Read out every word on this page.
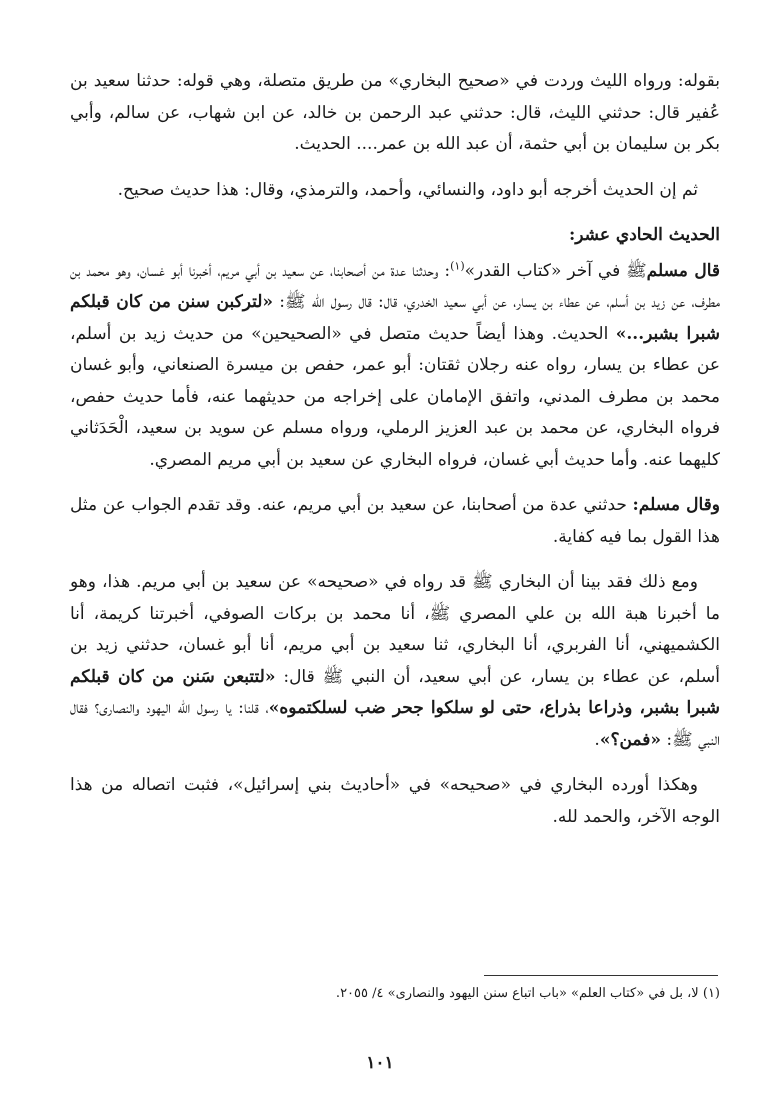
بقوله: ورواه الليث وردت في «صحيح البخاري» من طريق متصلة، وهي قوله: حدثنا سعيد بن عُفير قال: حدثني الليث، قال: حدثني عبد الرحمن بن خالد، عن ابن شهاب، عن سالم، وأبي بكر بن سليمان بن أبي حثمة، أن عبد الله بن عمر.... الحديث.

ثم إن الحديث أخرجه أبو داود، والنسائي، وأحمد، والترمذي، وقال: هذا حديث صحيح.

الحديث الحادي عشر:

قال مسلمﷺ في آخر «كتاب القدر»$^{(١)}$: وحدثنا عدة من أصحابنا، عن سعيد بن أبي مريم، أخبرنا أبو غسان، وهو محمد بن مطرف، عن زيد بن أسلم، عن عطاء بن يسار، عن أبي سعيد الخدري، قال: قال رسول الله ﷺ: «لتركبن سنن من كان قبلكم شبرا بشبر...» الحديث. وهذا أيضاً حديث متصل في «الصحيحين» من حديث زيد بن أسلم، عن عطاء بن يسار، رواه عنه رجلان ثقتان: أبو عمر، حفص بن ميسرة الصنعاني، وأبو غسان محمد بن مطرف المدني، واتفق الإمامان على إخراجه من حديثهما عنه، فأما حديث حفص، فرواه البخاري، عن محمد بن عبد العزيز الرملي، ورواه مسلم عن سويد بن سعيد، الْحَدَثاني كليهما عنه. وأما حديث أبي غسان، فرواه البخاري عن سعيد بن أبي مريم المصري.

وقال مسلم: حدثني عدة من أصحابنا، عن سعيد بن أبي مريم، عنه. وقد تقدم الجواب عن مثل هذا القول بما فيه كفاية.

ومع ذلك فقد بينا أن البخاري ﷺ قد رواه في «صحيحه» عن سعيد بن أبي مريم. هذا، وهو ما أخبرنا هبة الله بن علي المصري ﷺ، أنا محمد بن بركات الصوفي، أخبرتنا كريمة، أنا الكشميهني، أنا الفربري، أنا البخاري، ثنا سعيد بن أبي مريم، أنا أبو غسان، حدثني زيد بن أسلم، عن عطاء بن يسار، عن أبي سعيد، أن النبي ﷺ قال: «لتتبعن سَنن من كان قبلكم شبرا بشبر، وذراعا بذراع، حتى لو سلكوا جحر ضب لسلكتموه»، قلنا: يا رسول الله اليهود والنصارى؟ فقال النبي ﷺ: «فمن؟».

وهكذا أورده البخاري في «صحيحه» في «أحاديث بني إسرائيل»، فثبت اتصاله من هذا الوجه الآخر، والحمد لله.

(١) لا، بل في «كتاب العلم» «باب اتباع سنن اليهود والنصارى» ٤/ ٢٠٥٥.
١٠١
